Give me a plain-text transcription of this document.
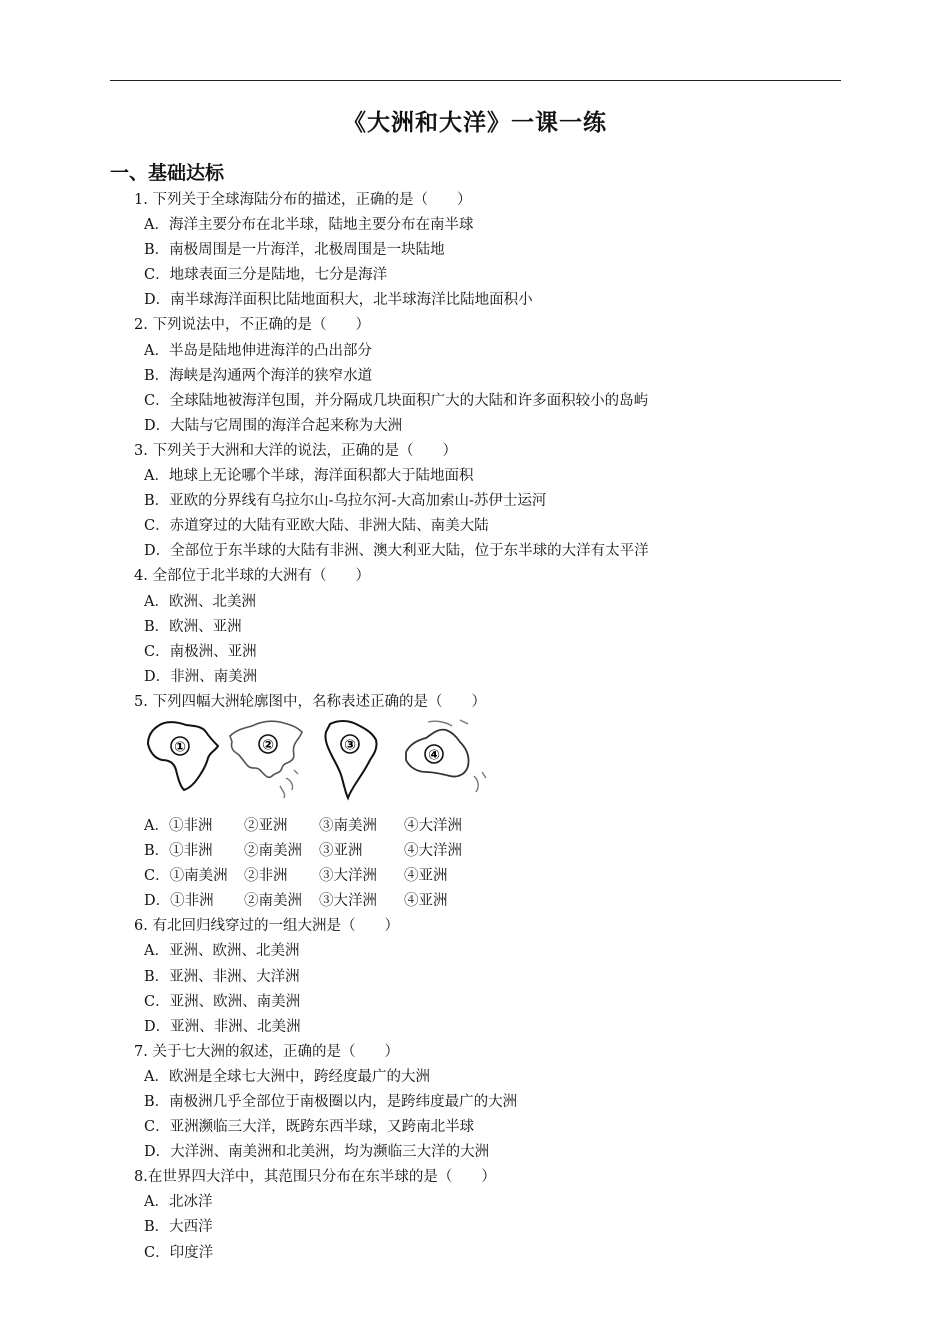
《大洲和大洋》一课一练
一、基础达标
1. 下列关于全球海陆分布的描述，正确的是（　　）
A．海洋主要分布在北半球，陆地主要分布在南半球
B．南极周围是一片海洋，北极周围是一块陆地
C．地球表面三分是陆地，七分是海洋
D．南半球海洋面积比陆地面积大，北半球海洋比陆地面积小
2. 下列说法中，不正确的是（　　）
A．半岛是陆地伸进海洋的凸出部分
B．海峡是沟通两个海洋的狭窄水道
C．全球陆地被海洋包围，并分隔成几块面积广大的大陆和许多面积较小的岛屿
D．大陆与它周围的海洋合起来称为大洲
3. 下列关于大洲和大洋的说法，正确的是（　　）
A．地球上无论哪个半球，海洋面积都大于陆地面积
B．亚欧的分界线有乌拉尔山-乌拉尔河-大高加索山-苏伊士运河
C．赤道穿过的大陆有亚欧大陆、非洲大陆、南美大陆
D．全部位于东半球的大陆有非洲、澳大利亚大陆，位于东半球的大洋有太平洋
4. 全部位于北半球的大洲有（　　）
A．欧洲、北美洲
B．欧洲、亚洲
C．南极洲、亚洲
D．非洲、南美洲
5. 下列四幅大洲轮廓图中，名称表述正确的是（　　）
①	②	③
④
A．①非洲 ②亚洲 ③南美洲 ④大洋洲
B．①非洲 ②南美洲 ③亚洲	④大洋洲
C．①南美洲 ②非洲 ③大洋洲 ④亚洲
D．①非洲 ②南美洲 ③大洋洲 ④亚洲
6. 有北回归线穿过的一组大洲是（　　）
A．亚洲、欧洲、北美洲
B．亚洲、非洲、大洋洲
C．亚洲、欧洲、南美洲
D．亚洲、非洲、北美洲
7. 关于七大洲的叙述，正确的是（　　）
A．欧洲是全球七大洲中，跨经度最广的大洲
B．南极洲几乎全部位于南极圈以内，是跨纬度最广的大洲
C．亚洲濒临三大洋，既跨东西半球，又跨南北半球
D．大洋洲、南美洲和北美洲，均为濒临三大洋的大洲
8.在世界四大洋中，其范围只分布在东半球的是（　　）
A．北冰洋
B．大西洋
C．印度洋
